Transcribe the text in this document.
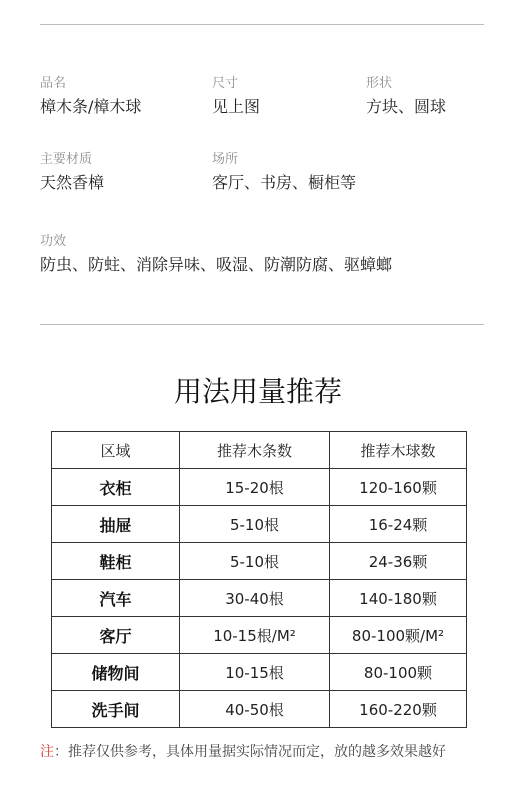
品名
樟木条/樟木球
尺寸
见上图
形状
方块、圆球
主要材质
天然香樟
场所
客厅、书房、橱柜等
功效
防虫、防蛀、消除异味、吸湿、防潮防腐、驱蟑螂
用法用量推荐
区域	推荐木条数	推荐木球数
衣柜	15-20根	120-160颗
抽屉	5-10根	16-24颗
鞋柜	5-10根	24-36颗
汽车	30-40根	140-180颗
客厅	10-15根/M²	80-100颗/M²
储物间	10-15根	80-100颗
洗手间	40-50根	160-220颗
注：推荐仅供参考，具体用量据实际情况而定，放的越多效果越好
